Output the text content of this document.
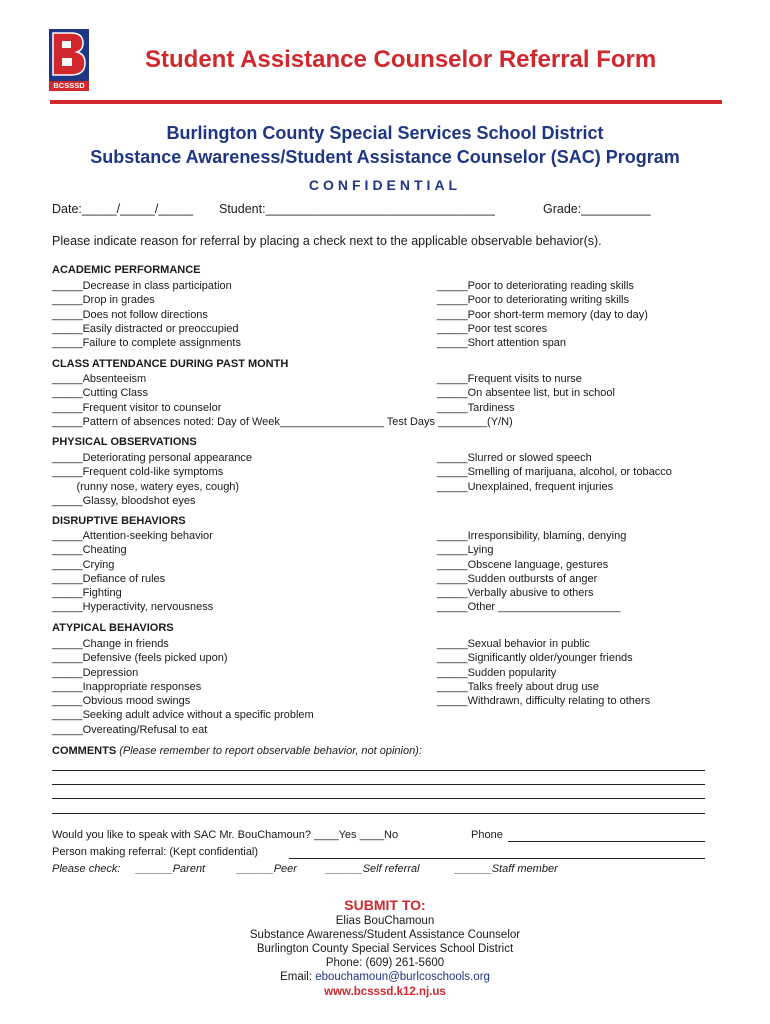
BCSSSD
Student Assistance Counselor Referral Form
Burlington County Special Services School District
Substance Awareness/Student Assistance Counselor (SAC) Program
CONFIDENTIAL
Date:_____/_____/_____ Student:_________________________________	Grade:__________
Please indicate reason for referral by placing a check next to the applicable observable behavior(s).
ACADEMIC PERFORMANCE
_____Decrease in class participation
_____Drop in grades
_____Does not follow directions
_____Easily distracted or preoccupied
_____Failure to complete assignments
_____Poor to deteriorating reading skills
_____Poor to deteriorating writing skills
_____Poor short-term memory (day to day)
_____Poor test scores
_____Short attention span
CLASS ATTENDANCE DURING PAST MONTH
_____Absenteeism
_____Cutting Class
_____Frequent visitor to counselor
_____Pattern of absences noted: Day of Week_________________ Test Days ________(Y/N)
_____Frequent visits to nurse
_____On absentee list, but in school
_____Tardiness
PHYSICAL OBSERVATIONS
_____Deteriorating personal appearance
_____Frequent cold-like symptoms
(runny nose, watery eyes, cough)
_____Glassy, bloodshot eyes
_____Slurred or slowed speech
_____Smelling of marijuana, alcohol, or tobacco
_____Unexplained, frequent injuries
DISRUPTIVE BEHAVIORS
_____Attention-seeking behavior
_____Cheating
_____Crying
_____Defiance of rules
_____Fighting
_____Hyperactivity, nervousness
_____Irresponsibility, blaming, denying
_____Lying
_____Obscene language, gestures
_____Sudden outbursts of anger
_____Verbally abusive to others
_____Other ____________________
ATYPICAL BEHAVIORS
_____Change in friends
_____Defensive (feels picked upon)
_____Depression
_____Inappropriate responses
_____Obvious mood swings
_____Seeking adult advice without a specific problem
_____Overeating/Refusal to eat
_____Sexual behavior in public
_____Significantly older/younger friends
_____Sudden popularity
_____Talks freely about drug use
_____Withdrawn, difficulty relating to others
COMMENTS (Please remember to report observable behavior, not opinion):
Would you like to speak with SAC Mr. BouChamoun? ____Yes ____No	Phone
Person making referral: (Kept confidential)
Please check: ______Parent	______Peer	______Self referral	______Staff member
SUBMIT TO:
Elias BouChamoun
Substance Awareness/Student Assistance Counselor
Burlington County Special Services School District
Phone: (609) 261-5600
Email: ebouchamoun@burlcoschools.org
www.bcsssd.k12.nj.us
